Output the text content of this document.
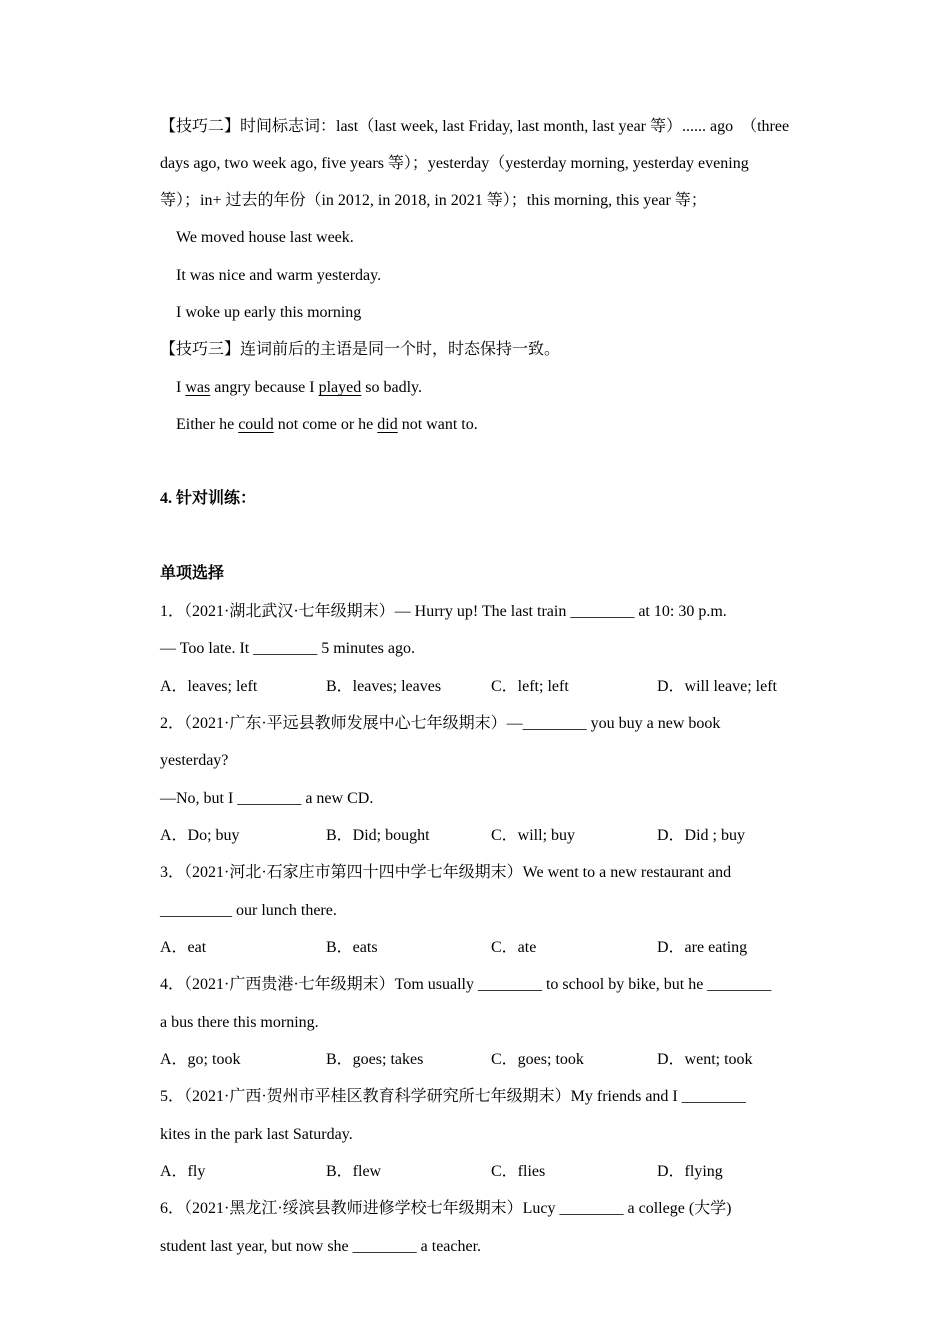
【技巧二】时间标志词：last（last week, last Friday, last month, last year 等）...... ago　（three
days ago, two week ago, five years 等）；yesterday（yesterday morning, yesterday evening
等）；in+ 过去的年份（in 2012, in 2018, in 2021 等）；this morning, this year 等；
We moved house last week.
It was nice and warm yesterday.
I woke up early this morning
【技巧三】连词前后的主语是同一个时，时态保持一致。
I was angry because I played so badly.
Either he could not come or he did not want to.
4. 针对训练：
单项选择
1．（2021·湖北武汉·七年级期末）— Hurry up! The last train ________ at 10: 30 p.m.
— Too late. It ________ 5 minutes ago.
A．leaves; left	B．leaves; leaves	C．left; left	D．will leave; left
2．（2021·广东·平远县教师发展中心七年级期末）—________ you buy a new book
yesterday?
—No, but I ________ a new CD.
A．Do; buy	B．Did; bought	C．will; buy	D．Did ; buy
3．（2021·河北·石家庄市第四十四中学七年级期末）We went to a new restaurant and
_________ our lunch there.
A．eat	B．eats	C．ate	D．are eating
4．（2021·广西贵港·七年级期末）Tom usually ________ to school by bike, but he ________
a bus there this morning.
A．go; took	B．goes; takes	C．goes; took	D．went; took
5．（2021·广西·贺州市平桂区教育科学研究所七年级期末）My friends and I ________
kites in the park last Saturday.
A．fly	B．flew	C．flies	D．flying
6．（2021·黑龙江·绥滨县教师进修学校七年级期末）Lucy ________ a college (大学)
student last year, but now she ________ a teacher.
